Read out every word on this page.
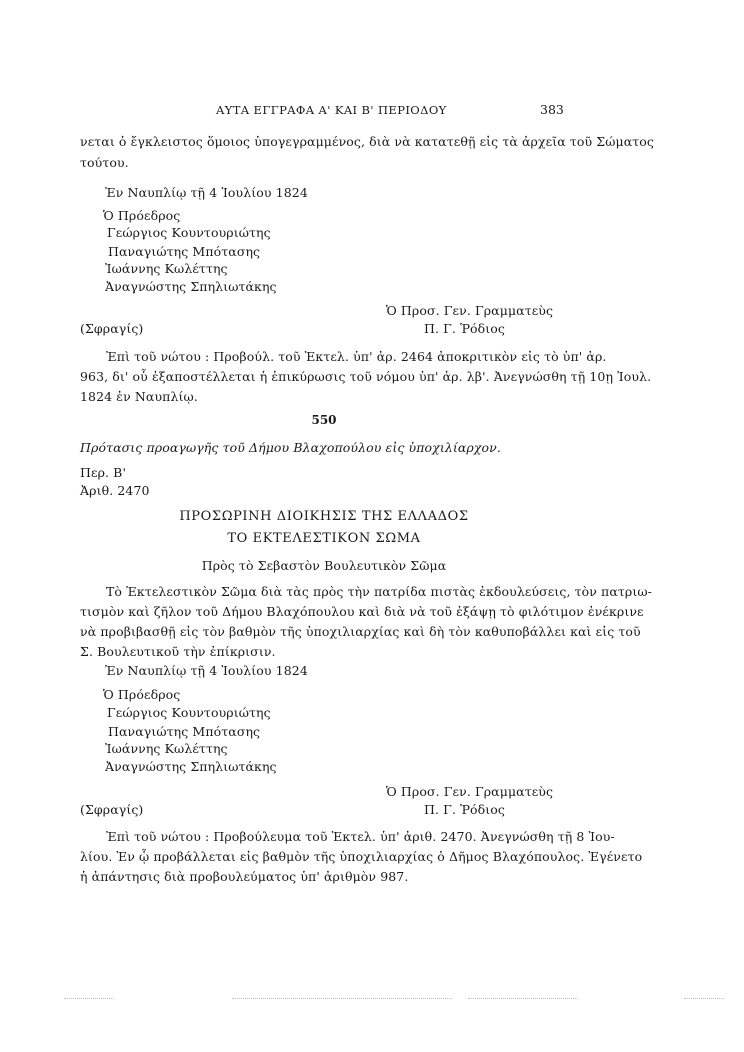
ΑΥΤΑ ΕΓΓΡΑΦΑ Α' ΚΑΙ Β' ΠΕΡΙΟΔΟΥ	383
νεται ὁ ἔγκλειστος ὅμοιος ὑπογεγραμμένος, διὰ νὰ κατατεθῇ εἰς τὰ ἀρχεῖα τοῦ Σώματος
τούτου.
Ἐν Ναυπλίῳ τῇ 4 Ἰουλίου 1824
Ὁ Πρόεδρος
Γεώργιος Κουντουριώτης
Παναγιώτης Μπότασης
Ἰωάννης Κωλέττης
Ἀναγνώστης Σπηλιωτάκης
Ὁ Προσ. Γεν. Γραμματεὺς
(Σφραγίς)	Π. Γ. Ῥόδιος
Ἐπὶ τοῦ νώτου : Προβούλ. τοῦ Ἐκτελ. ὑπ' ἀρ. 2464 ἀποκριτικὸν εἰς τὸ ὑπ' ἀρ.
963, δι' οὗ ἐξαποστέλλεται ἡ ἐπικύρωσις τοῦ νόμου ὑπ' ἀρ. λβ'. Ἀνεγνώσθη τῇ 10ῃ Ἰουλ.
1824 ἐν Ναυπλίῳ.
550
Πρότασις προαγωγῆς τοῦ Δήμου Βλαχοπούλου εἰς ὑποχιλίαρχον.
Περ. Β'
Ἀριθ. 2470
ΠΡΟΣΩΡΙΝΗ ΔΙΟΙΚΗΣΙΣ ΤΗΣ ΕΛΛΑΔΟΣ
ΤΟ ΕΚΤΕΛΕΣΤΙΚΟΝ ΣΩΜΑ
Πρὸς τὸ Σεβαστὸν Βουλευτικὸν Σῶμα
Τὸ Ἐκτελεστικὸν Σῶμα διὰ τὰς πρὸς τὴν πατρίδα πιστὰς ἐκδουλεύσεις, τὸν πατριω-
τισμὸν καὶ ζῆλον τοῦ Δήμου Βλαχόπουλου καὶ διὰ νὰ τοῦ ἐξάψῃ τὸ φιλότιμον ἐνέκρινε
νὰ προβιβασθῇ εἰς τὸν βαθμὸν τῆς ὑποχιλιαρχίας καὶ δὴ τὸν καθυποβάλλει καὶ εἰς τοῦ
Σ. Βουλευτικοῦ τὴν ἐπίκρισιν.
Ἐν Ναυπλίῳ τῇ 4 Ἰουλίου 1824
Ὁ Πρόεδρος
Γεώργιος Κουντουριώτης
Παναγιώτης Μπότασης
Ἰωάννης Κωλέττης
Ἀναγνώστης Σπηλιωτάκης
Ὁ Προσ. Γεν. Γραμματεὺς
(Σφραγίς)	Π. Γ. Ῥόδιος
Ἐπὶ τοῦ νώτου : Προβούλευμα τοῦ Ἐκτελ. ὑπ' ἀριθ. 2470. Ἀνεγνώσθη τῇ 8 Ἰου-
λίου. Ἐν ᾧ προβάλλεται εἰς βαθμὸν τῆς ὑποχιλιαρχίας ὁ Δῆμος Βλαχόπουλος. Ἐγένετο
ἡ ἀπάντησις διὰ προβουλεύματος ὑπ' ἀριθμὸν 987.
